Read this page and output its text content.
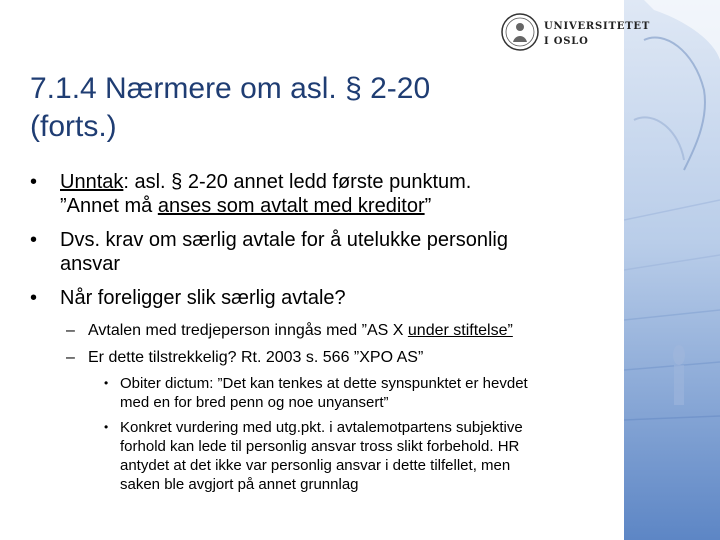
UNIVERSITETET
I OSLO
7.1.4 Nærmere om asl. § 2-20
(forts.)
•	Unntak: asl. § 2-20 annet ledd første punktum.
”Annet må anses som avtalt med kreditor”
•	Dvs. krav om særlig avtale for å utelukke personlig
ansvar
•	Når foreligger slik særlig avtale?
– Avtalen med tredjeperson inngås med ”AS X under stiftelse”
– Er dette tilstrekkelig? Rt. 2003 s. 566 ”XPO AS”
• Obiter dictum: ”Det kan tenkes at dette synspunktet er hevdet
med en for bred penn og noe unyansert”
• Konkret vurdering med utg.pkt. i avtalemotpartens subjektive
forhold kan lede til personlig ansvar tross slikt forbehold. HR
antydet at det ikke var personlig ansvar i dette tilfellet, men
saken ble avgjort på annet grunnlag
